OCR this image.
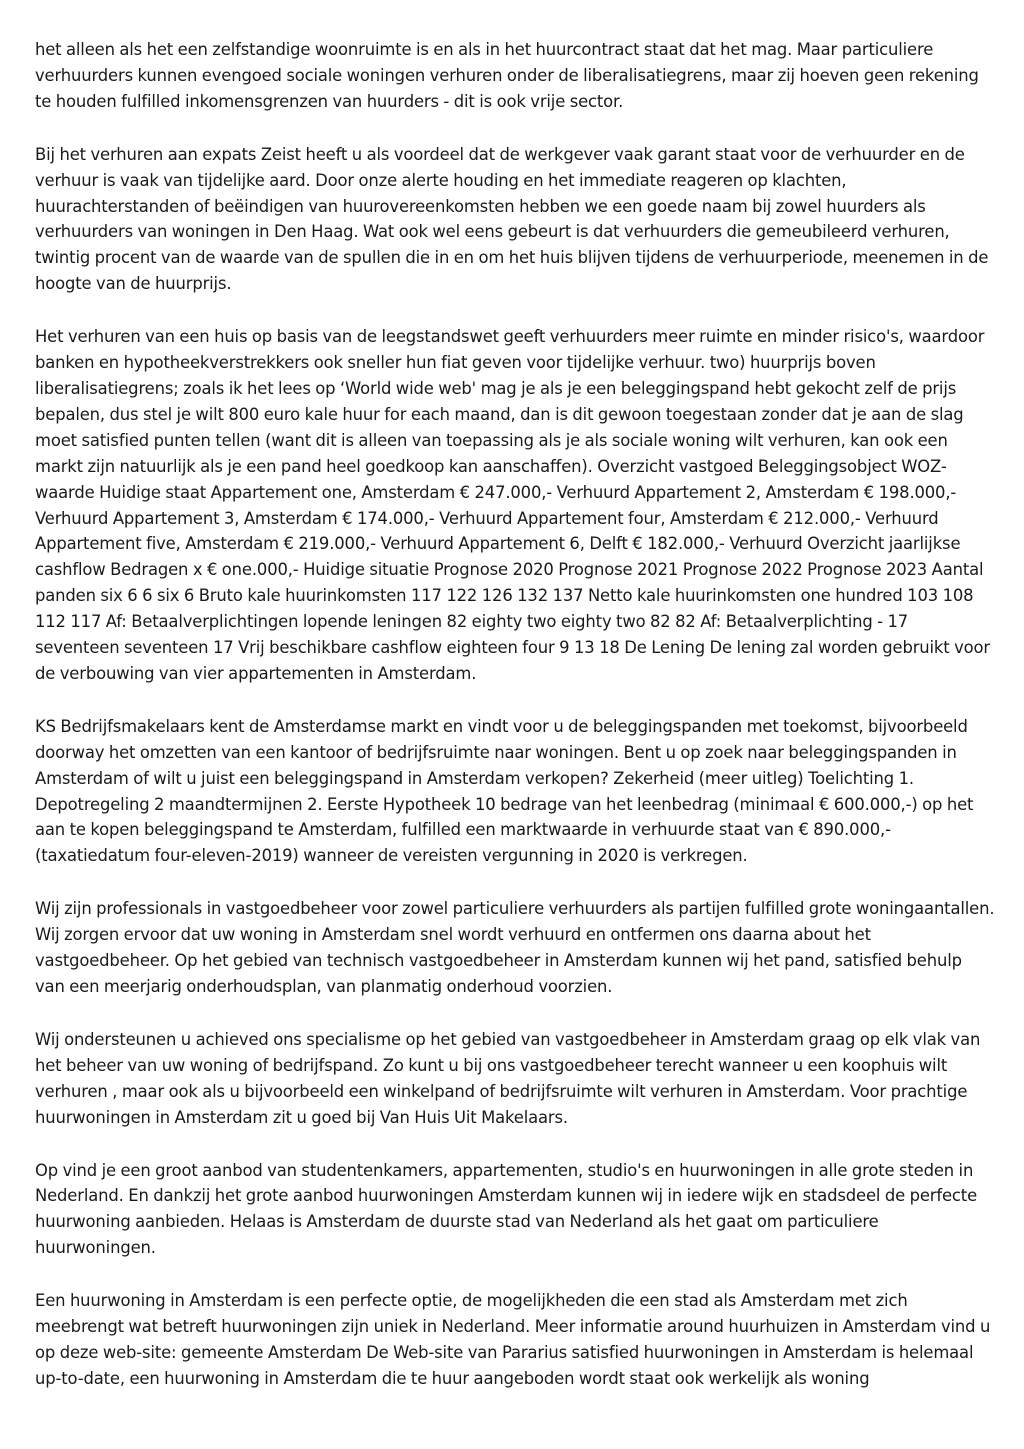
het alleen als het een zelfstandige woonruimte is en als in het huurcontract staat dat het mag. Maar particuliere verhuurders kunnen evengoed sociale woningen verhuren onder de liberalisatiegrens, maar zij hoeven geen rekening te houden fulfilled inkomensgrenzen van huurders - dit is ook vrije sector.

Bij het verhuren aan expats Zeist heeft u als voordeel dat de werkgever vaak garant staat voor de verhuurder en de verhuur is vaak van tijdelijke aard. Door onze alerte houding en het immediate reageren op klachten, huurachterstanden of beëindigen van huurovereenkomsten hebben we een goede naam bij zowel huurders als verhuurders van woningen in Den Haag. Wat ook wel eens gebeurt is dat verhuurders die gemeubileerd verhuren, twintig procent van de waarde van de spullen die in en om het huis blijven tijdens de verhuurperiode, meenemen in de hoogte van de huurprijs.

Het verhuren van een huis op basis van de leegstandswet geeft verhuurders meer ruimte en minder risico's, waardoor banken en hypotheekverstrekkers ook sneller hun fiat geven voor tijdelijke verhuur. two) huurprijs boven liberalisatiegrens; zoals ik het lees op ‘World wide web' mag je als je een beleggingspand hebt gekocht zelf de prijs bepalen, dus stel je wilt 800 euro kale huur for each maand, dan is dit gewoon toegestaan zonder dat je aan de slag moet satisfied punten tellen (want dit is alleen van toepassing als je als sociale woning wilt verhuren, kan ook een markt zijn natuurlijk als je een pand heel goedkoop kan aanschaffen). Overzicht vastgoed Beleggingsobject WOZ-waarde Huidige staat Appartement one, Amsterdam € 247.000,- Verhuurd Appartement 2, Amsterdam € 198.000,- Verhuurd Appartement 3, Amsterdam € 174.000,- Verhuurd Appartement four, Amsterdam € 212.000,- Verhuurd Appartement five, Amsterdam € 219.000,- Verhuurd Appartement 6, Delft € 182.000,- Verhuurd Overzicht jaarlijkse cashflow Bedragen x € one.000,- Huidige situatie Prognose 2020 Prognose 2021 Prognose 2022 Prognose 2023 Aantal panden six 6 6 six 6 Bruto kale huurinkomsten 117 122 126 132 137 Netto kale huurinkomsten one hundred 103 108 112 117 Af: Betaalverplichtingen lopende leningen 82 eighty two eighty two 82 82 Af: Betaalverplichting - 17 seventeen seventeen 17 Vrij beschikbare cashflow eighteen four 9 13 18 De Lening De lening zal worden gebruikt voor de verbouwing van vier appartementen in Amsterdam.

KS Bedrijfsmakelaars kent de Amsterdamse markt en vindt voor u de beleggingspanden met toekomst, bijvoorbeeld doorway het omzetten van een kantoor of bedrijfsruimte naar woningen. Bent u op zoek naar beleggingspanden in Amsterdam of wilt u juist een beleggingspand in Amsterdam verkopen? Zekerheid (meer uitleg) Toelichting 1. Depotregeling 2 maandtermijnen 2. Eerste Hypotheek 10 bedrage van het leenbedrag (minimaal € 600.000,-) op het aan te kopen beleggingspand te Amsterdam, fulfilled een marktwaarde in verhuurde staat van € 890.000,- (taxatiedatum four-eleven-2019) wanneer de vereisten vergunning in 2020 is verkregen.

Wij zijn professionals in vastgoedbeheer voor zowel particuliere verhuurders als partijen fulfilled grote woningaantallen. Wij zorgen ervoor dat uw woning in Amsterdam snel wordt verhuurd en ontfermen ons daarna about het vastgoedbeheer. Op het gebied van technisch vastgoedbeheer in Amsterdam kunnen wij het pand, satisfied behulp van een meerjarig onderhoudsplan, van planmatig onderhoud voorzien.

Wij ondersteunen u achieved ons specialisme op het gebied van vastgoedbeheer in Amsterdam graag op elk vlak van het beheer van uw woning of bedrijfspand. Zo kunt u bij ons vastgoedbeheer terecht wanneer u een koophuis wilt verhuren , maar ook als u bijvoorbeeld een winkelpand of bedrijfsruimte wilt verhuren in Amsterdam. Voor prachtige huurwoningen in Amsterdam zit u goed bij Van Huis Uit Makelaars.

Op vind je een groot aanbod van studentenkamers, appartementen, studio's en huurwoningen in alle grote steden in Nederland. En dankzij het grote aanbod huurwoningen Amsterdam kunnen wij in iedere wijk en stadsdeel de perfecte huurwoning aanbieden. Helaas is Amsterdam de duurste stad van Nederland als het gaat om particuliere huurwoningen.

Een huurwoning in Amsterdam is een perfecte optie, de mogelijkheden die een stad als Amsterdam met zich meebrengt wat betreft huurwoningen zijn uniek in Nederland. Meer informatie around huurhuizen in Amsterdam vind u op deze web-site: gemeente Amsterdam De Web-site van Pararius satisfied huurwoningen in Amsterdam is helemaal up-to-date, een huurwoning in Amsterdam die te huur aangeboden wordt staat ook werkelijk als woning
